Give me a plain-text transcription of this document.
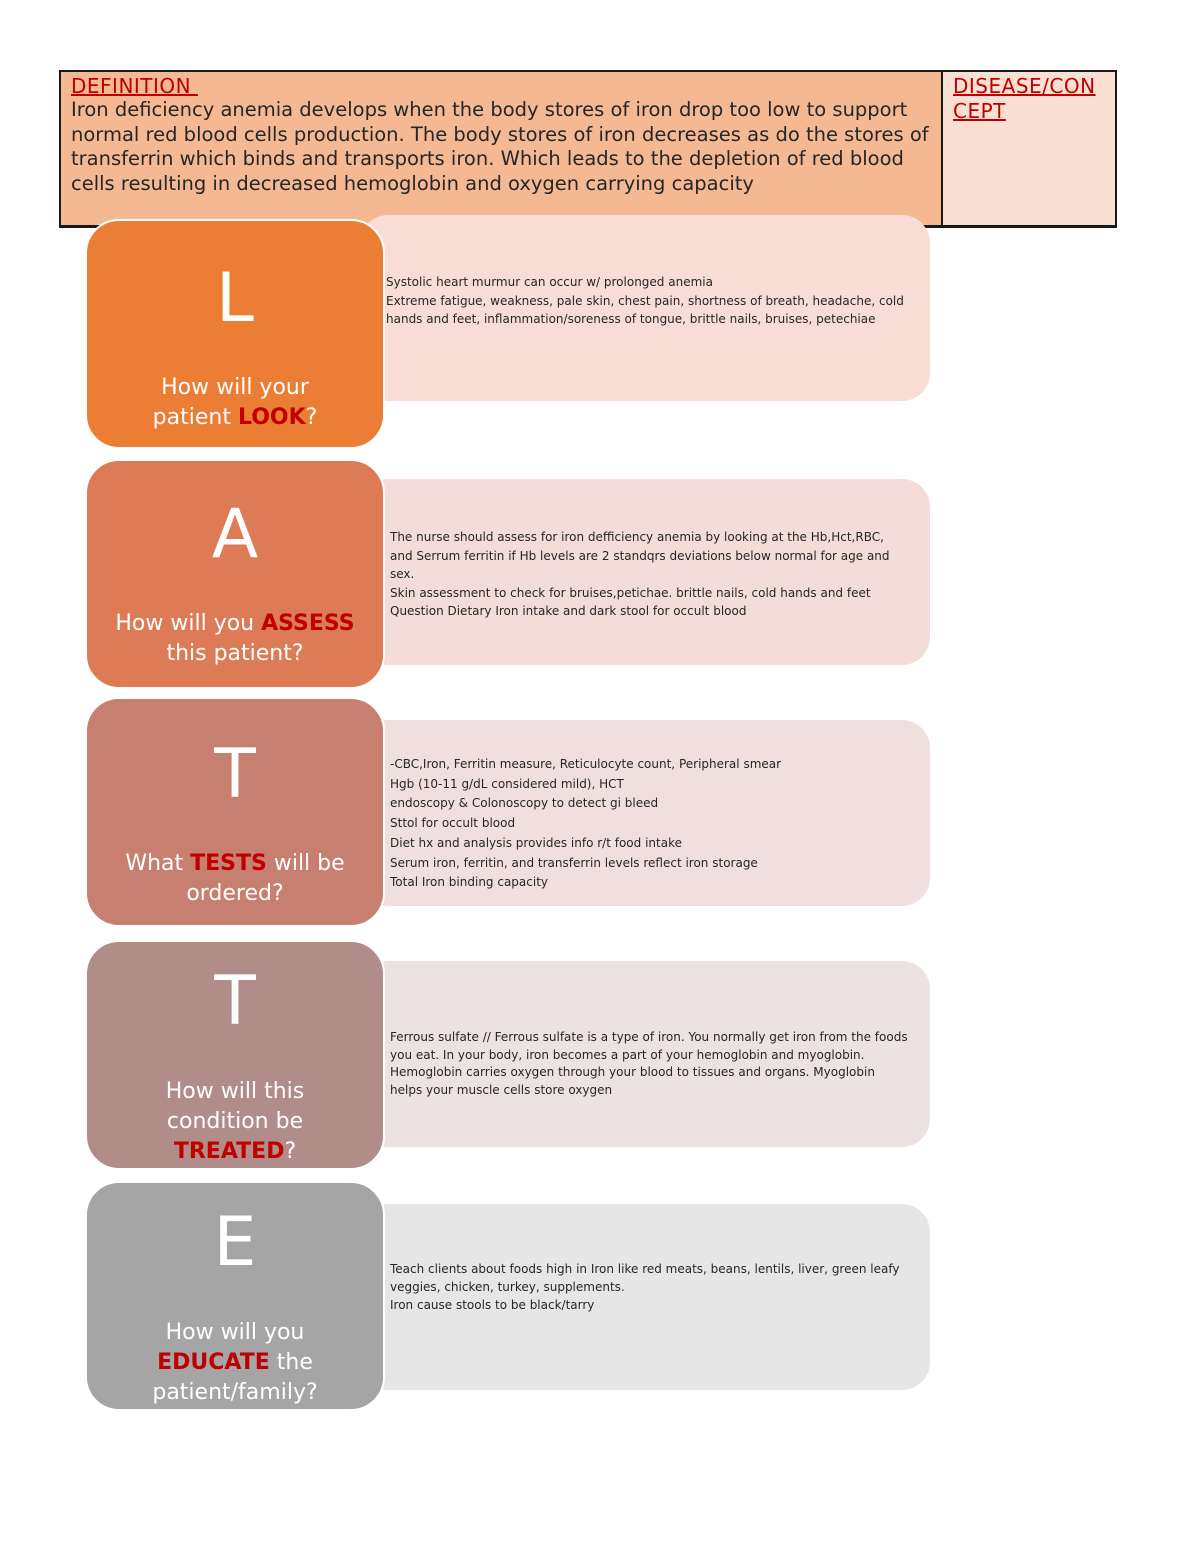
DEFINITION
Iron deficiency anemia develops when the body stores of iron drop too low to support normal red blood cells production. The body stores of iron decreases as do the stores of transferrin which binds and transports iron. Which leads to the depletion of red blood cells resulting in decreased hemoglobin and oxygen carrying capacity
DISEASE/CONCEPT

Systolic heart murmur can occur w/ prolonged anemia

Extreme fatigue, weakness, pale skin, chest pain, shortness of breath, headache, cold hands and feet, inflammation/soreness of tongue, brittle nails, bruises, petechiae

L
How will your patient LOOK?

The nurse should assess for iron defficiency anemia by looking at the Hb,Hct,RBC, and Serrum ferritin if Hb levels are 2 standqrs deviations below normal for age and sex.

Skin assessment to check for bruises,petichae. brittle nails, cold hands and feet

Question Dietary Iron intake and dark stool for occult blood

A
How will you ASSESS this patient?

-CBC,Iron, Ferritin measure, Reticulocyte count, Peripheral smear

Hgb (10-11 g/dL considered mild), HCT

endoscopy & Colonoscopy to detect gi bleed

Sttol for occult blood

Diet hx and analysis provides info r/t food intake

Serum iron, ferritin, and transferrin levels reflect iron storage

Total Iron binding capacity

T
What TESTS will be ordered?

Ferrous sulfate // Ferrous sulfate is a type of iron. You normally get iron from the foods you eat. In your body, iron becomes a part of your hemoglobin and myoglobin. Hemoglobin carries oxygen through your blood to tissues and organs. Myoglobin helps your muscle cells store oxygen

T
How will this condition be TREATED?

Teach clients about foods high in Iron like red meats, beans, lentils, liver, green leafy veggies, chicken, turkey, supplements.

Iron cause stools to be black/tarry

E
How will you EDUCATE the patient/family?
